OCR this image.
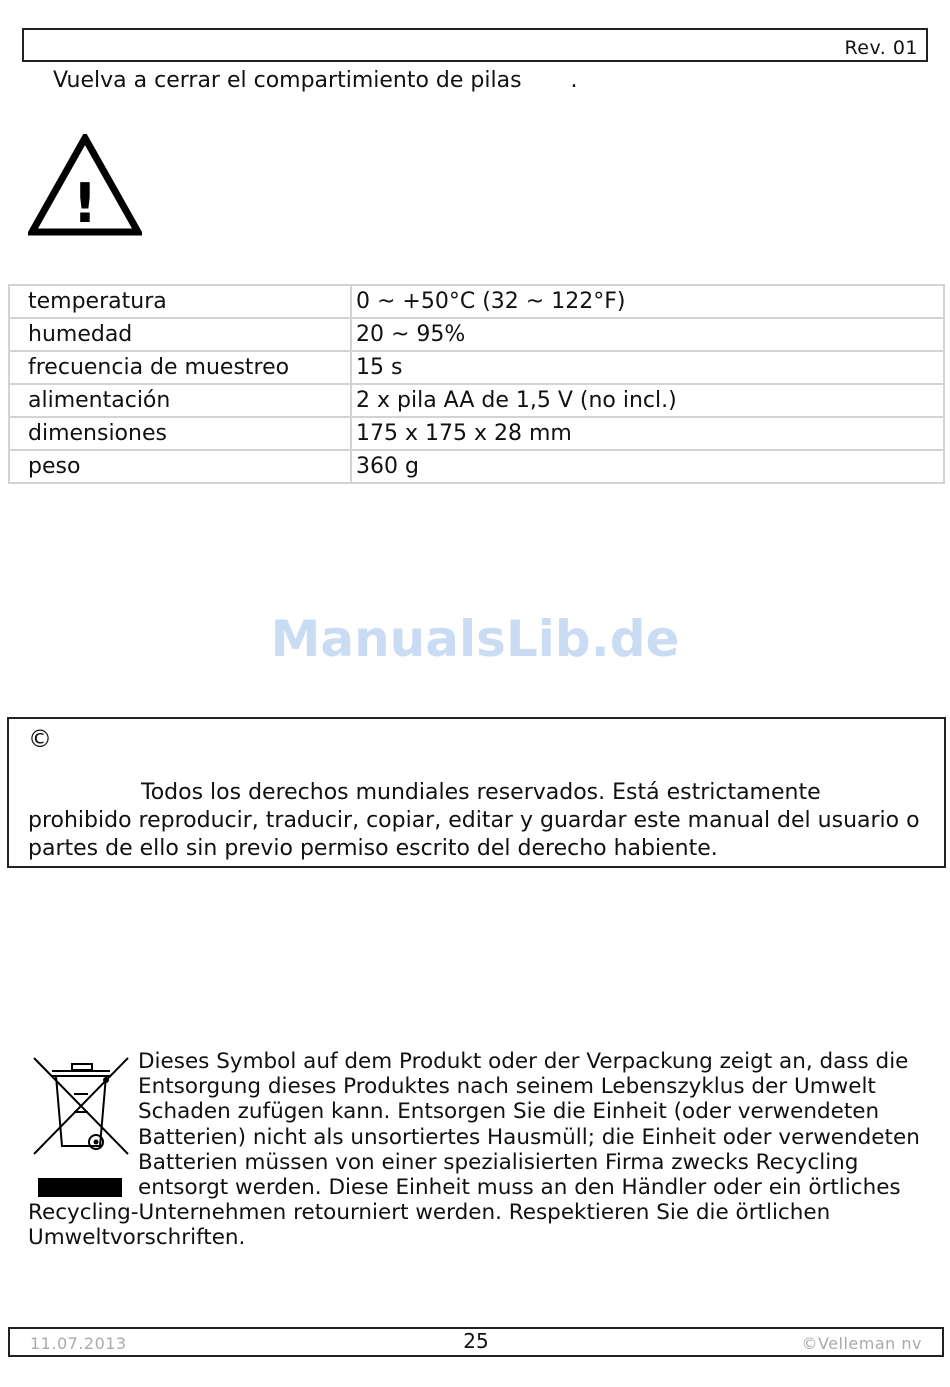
Rev. 01
Vuelva a cerrar el compartimiento de pilas       .
!
temperatura	0 ~ +50°C (32 ~ 122°F)
humedad	20 ~ 95%
frecuencia de muestreo	15 s
alimentación	2 x pila AA de 1,5 V (no incl.)
dimensiones	175 x 175 x 28 mm
peso	360 g
ManualsLib.de
©
Todos los derechos mundiales reservados. Está estrictamente prohibido reproducir, traducir, copiar, editar y guardar este manual del usuario o partes de ello sin previo permiso escrito del derecho habiente.
Dieses Symbol auf dem Produkt oder der Verpackung zeigt an, dass die Entsorgung dieses Produktes nach seinem Lebenszyklus der Umwelt Schaden zufügen kann. Entsorgen Sie die Einheit (oder verwendeten Batterien) nicht als unsortiertes Hausmüll; die Einheit oder verwendeten Batterien müssen von einer spezialisierten Firma zwecks Recycling entsorgt werden. Diese Einheit muss an den Händler oder ein örtliches Recycling-Unternehmen retourniert werden. Respektieren Sie die örtlichen Umweltvorschriften.
25
11.07.2013	©Velleman nv
